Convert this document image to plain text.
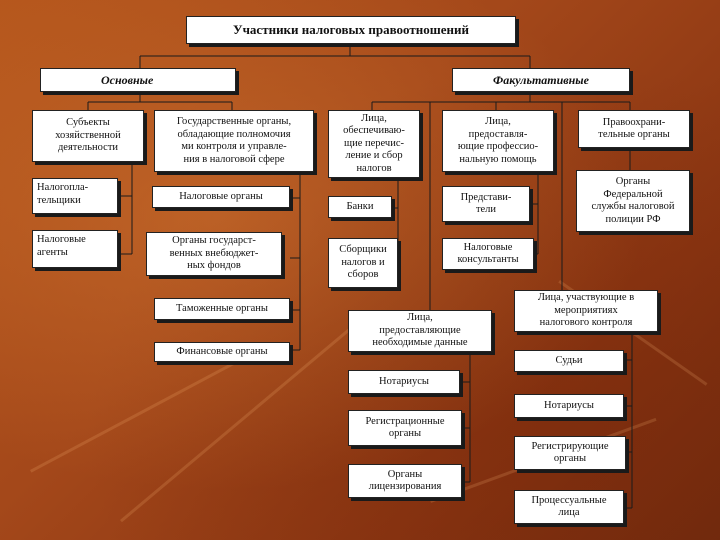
Участники налоговых правоотношений
Основные	Факультативные
Субъекты
хозяйственной
деятельности
Налогопла-
тельщики
Налоговые
агенты
Государственные органы,
обладающие полномочия
ми контроля и управле-
ния в налоговой сфере
Налоговые органы
Органы государст-
венных внебюджет-
ных фондов
Таможенные органы
Финансовые органы
Лица,
обеспечиваю-
щие перечис-
ление и сбор
налогов
Банки
Сборщики
налогов и
сборов
Лица,
предоставля-
ющие профессио-
нальную помощь
Представи-
тели
Налоговые
консультанты
Правоохрани-
тельные органы
Органы
Федеральной
службы налоговой
полиции РФ
Лица,
предоставляющие
необходимые данные
Нотариусы
Регистрационные
органы
Органы
лицензирования
Лица, участвующие в
мероприятиях
налогового контроля
Судьи
Нотариусы
Регистрирующие
органы
Процессуальные
лица
